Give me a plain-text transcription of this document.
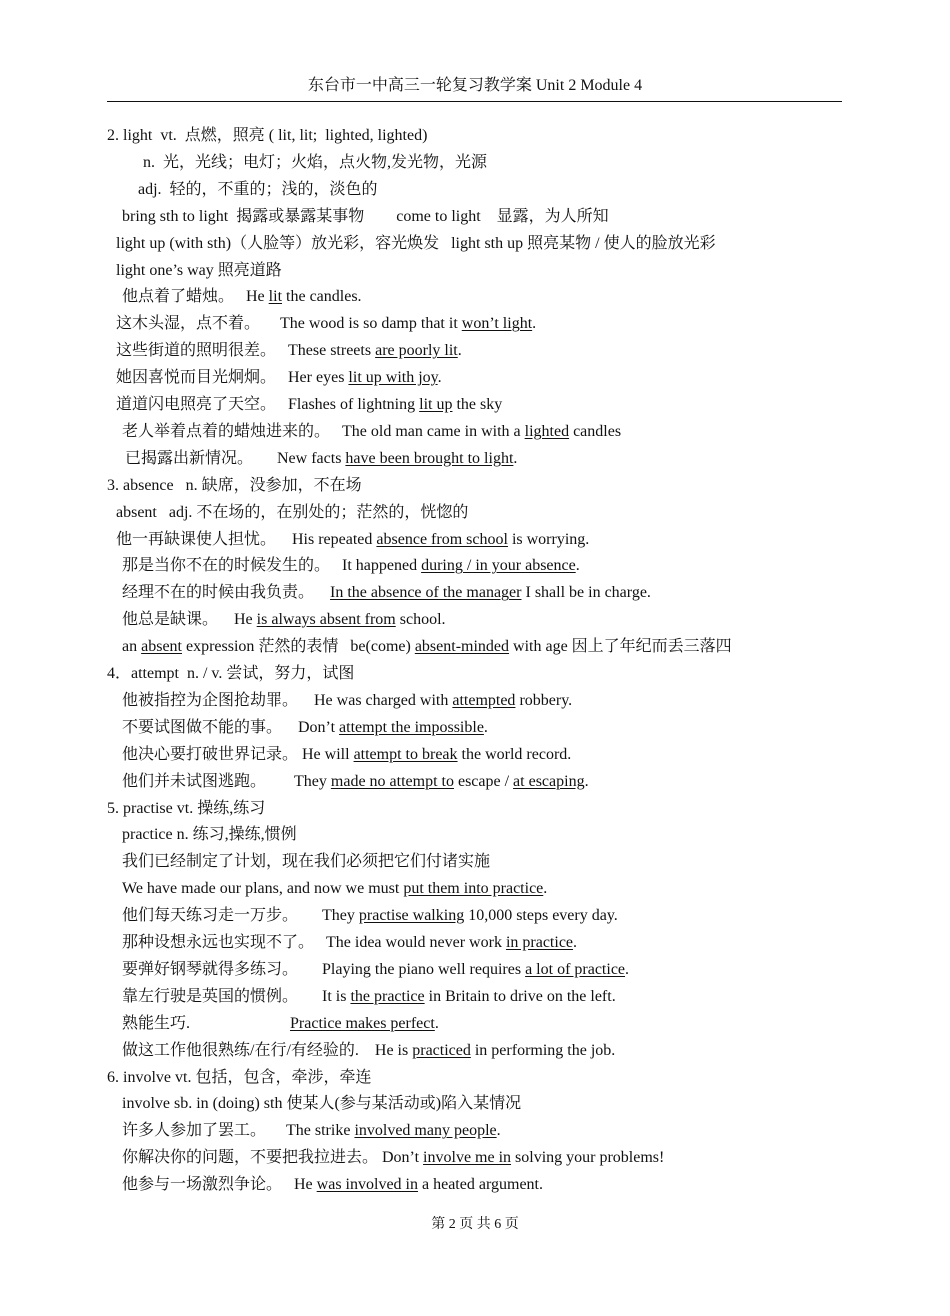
东台市一中高三一轮复习教学案 Unit 2 Module 4
2. light  vt.  点燃，照亮 ( lit, lit;  lighted, lighted)
n.  光，光线；电灯；火焰，点火物,发光物，光源
adj.  轻的，不重的；浅的，淡色的
bring sth to light  揭露或暴露某事物        come to light    显露，为人所知
light up (with sth)（人脸等）放光彩，容光焕发   light sth up 照亮某物 / 使人的脸放光彩
light one’s way 照亮道路
他点着了蜡烛。   He lit the candles.
这木头湿，点不着。     The wood is so damp that it won’t light.
这些街道的照明很差。   These streets are poorly lit.
她因喜悦而目光炯炯。   Her eyes lit up with joy.
道道闪电照亮了天空。   Flashes of lightning lit up the sky
老人举着点着的蜡烛进来的。   The old man came in with a lighted candles
已揭露出新情况。      New facts have been brought to light.
3. absence   n. 缺席，没参加，不在场
absent   adj. 不在场的，在别处的；茫然的，恍惚的
他一再缺课使人担忧。    His repeated absence from school is worrying.
那是当你不在的时候发生的。   It happened during / in your absence.
经理不在的时候由我负责。    In the absence of the manager I shall be in charge.
他总是缺课。    He is always absent from school.
an absent expression 茫然的表情   be(come) absent-minded with age 因上了年纪而丢三落四
4．attempt  n. / v. 尝试，努力，试图
他被指控为企图抢劫罪。    He was charged with attempted robbery.
不要试图做不能的事。    Don’t attempt the impossible.
他决心要打破世界记录。 He will attempt to break the world record.
他们并未试图逃跑。       They made no attempt to escape / at escaping.
5. practise vt. 操练,练习
practice n. 练习,操练,惯例
我们已经制定了计划，现在我们必须把它们付诸实施
We have made our plans, and now we must put them into practice.
他们每天练习走一万步。      They practise walking 10,000 steps every day.
那种设想永远也实现不了。   The idea would never work in practice.
要弹好钢琴就得多练习。      Playing the piano well requires a lot of practice.
靠左行驶是英国的惯例。      It is the practice in Britain to drive on the left.
熟能生巧.                         Practice makes perfect.
做这工作他很熟练/在行/有经验的.    He is practiced in performing the job.
6. involve vt. 包括，包含，牵涉，牵连
involve sb. in (doing) sth 使某人(参与某活动或)陷入某情况
许多人参加了罢工。     The strike involved many people.
你解决你的问题，不要把我拉进去。 Don’t involve me in solving your problems!
他参与一场激烈争论。   He was involved in a heated argument.
第 2 页 共 6 页
